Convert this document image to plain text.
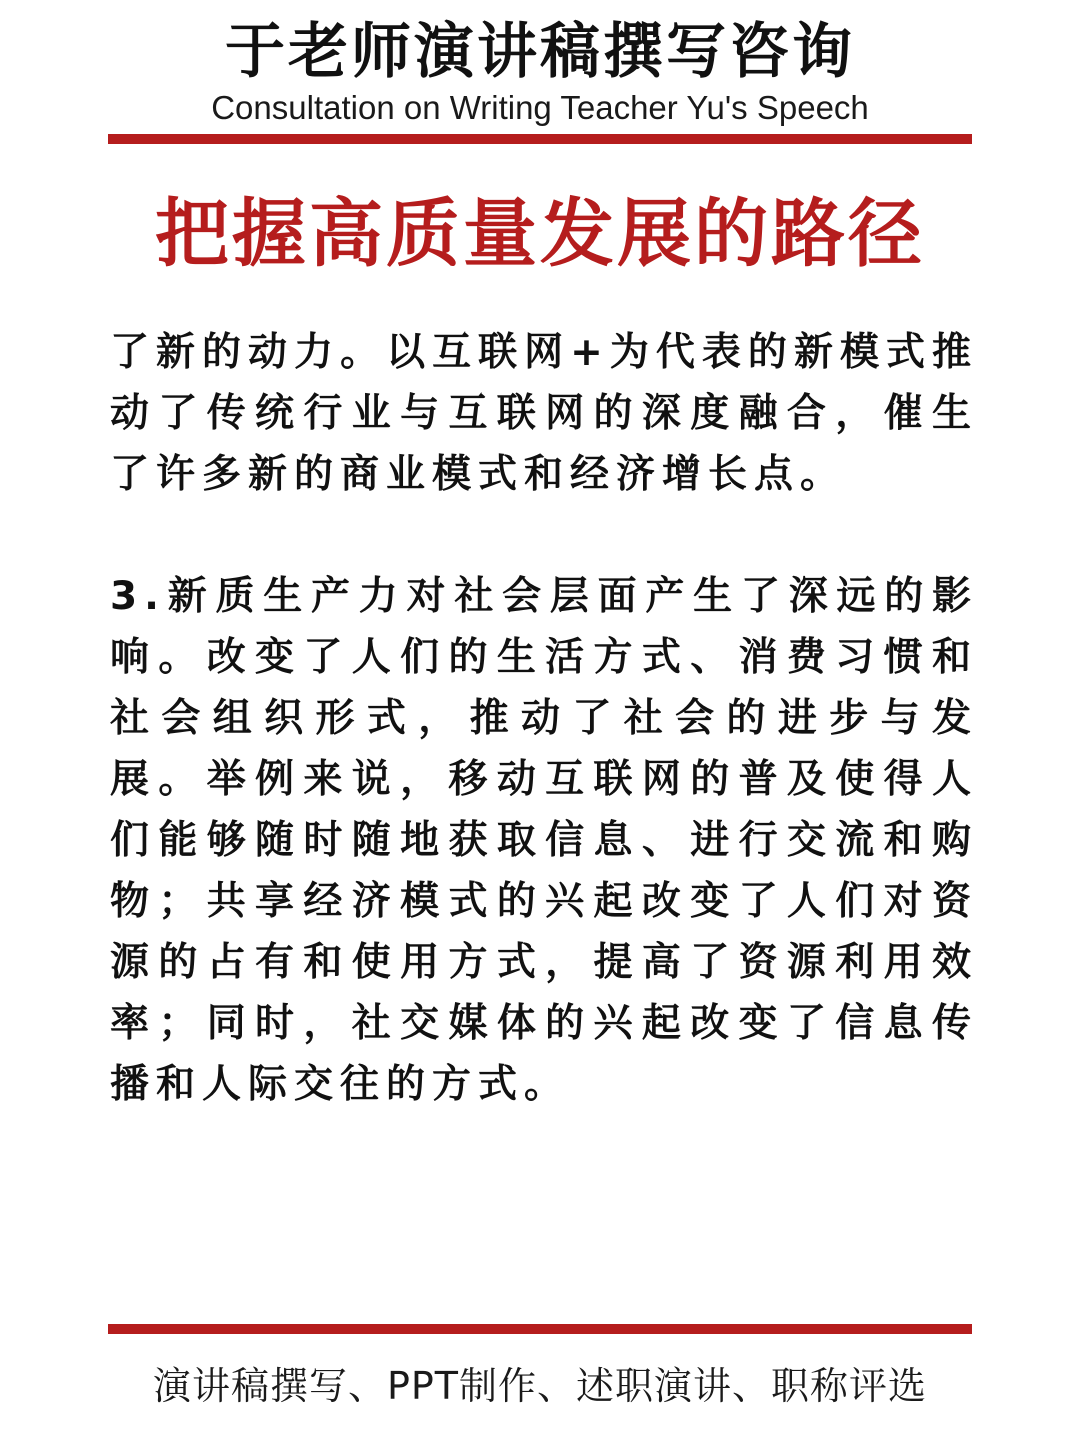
于老师演讲稿撰写咨询
Consultation on Writing Teacher Yu's Speech
把握高质量发展的路径

了新的动力。以互联网+为代表的新模式推动了传统行业与互联网的深度融合，催生了许多新的商业模式和经济增长点。

3.新质生产力对社会层面产生了深远的影响。改变了人们的生活方式、消费习惯和社会组织形式，推动了社会的进步与发展。举例来说，移动互联网的普及使得人们能够随时随地获取信息、进行交流和购物；共享经济模式的兴起改变了人们对资源的占有和使用方式，提高了资源利用效率；同时，社交媒体的兴起改变了信息传播和人际交往的方式。

演讲稿撰写、PPT制作、述职演讲、职称评选
